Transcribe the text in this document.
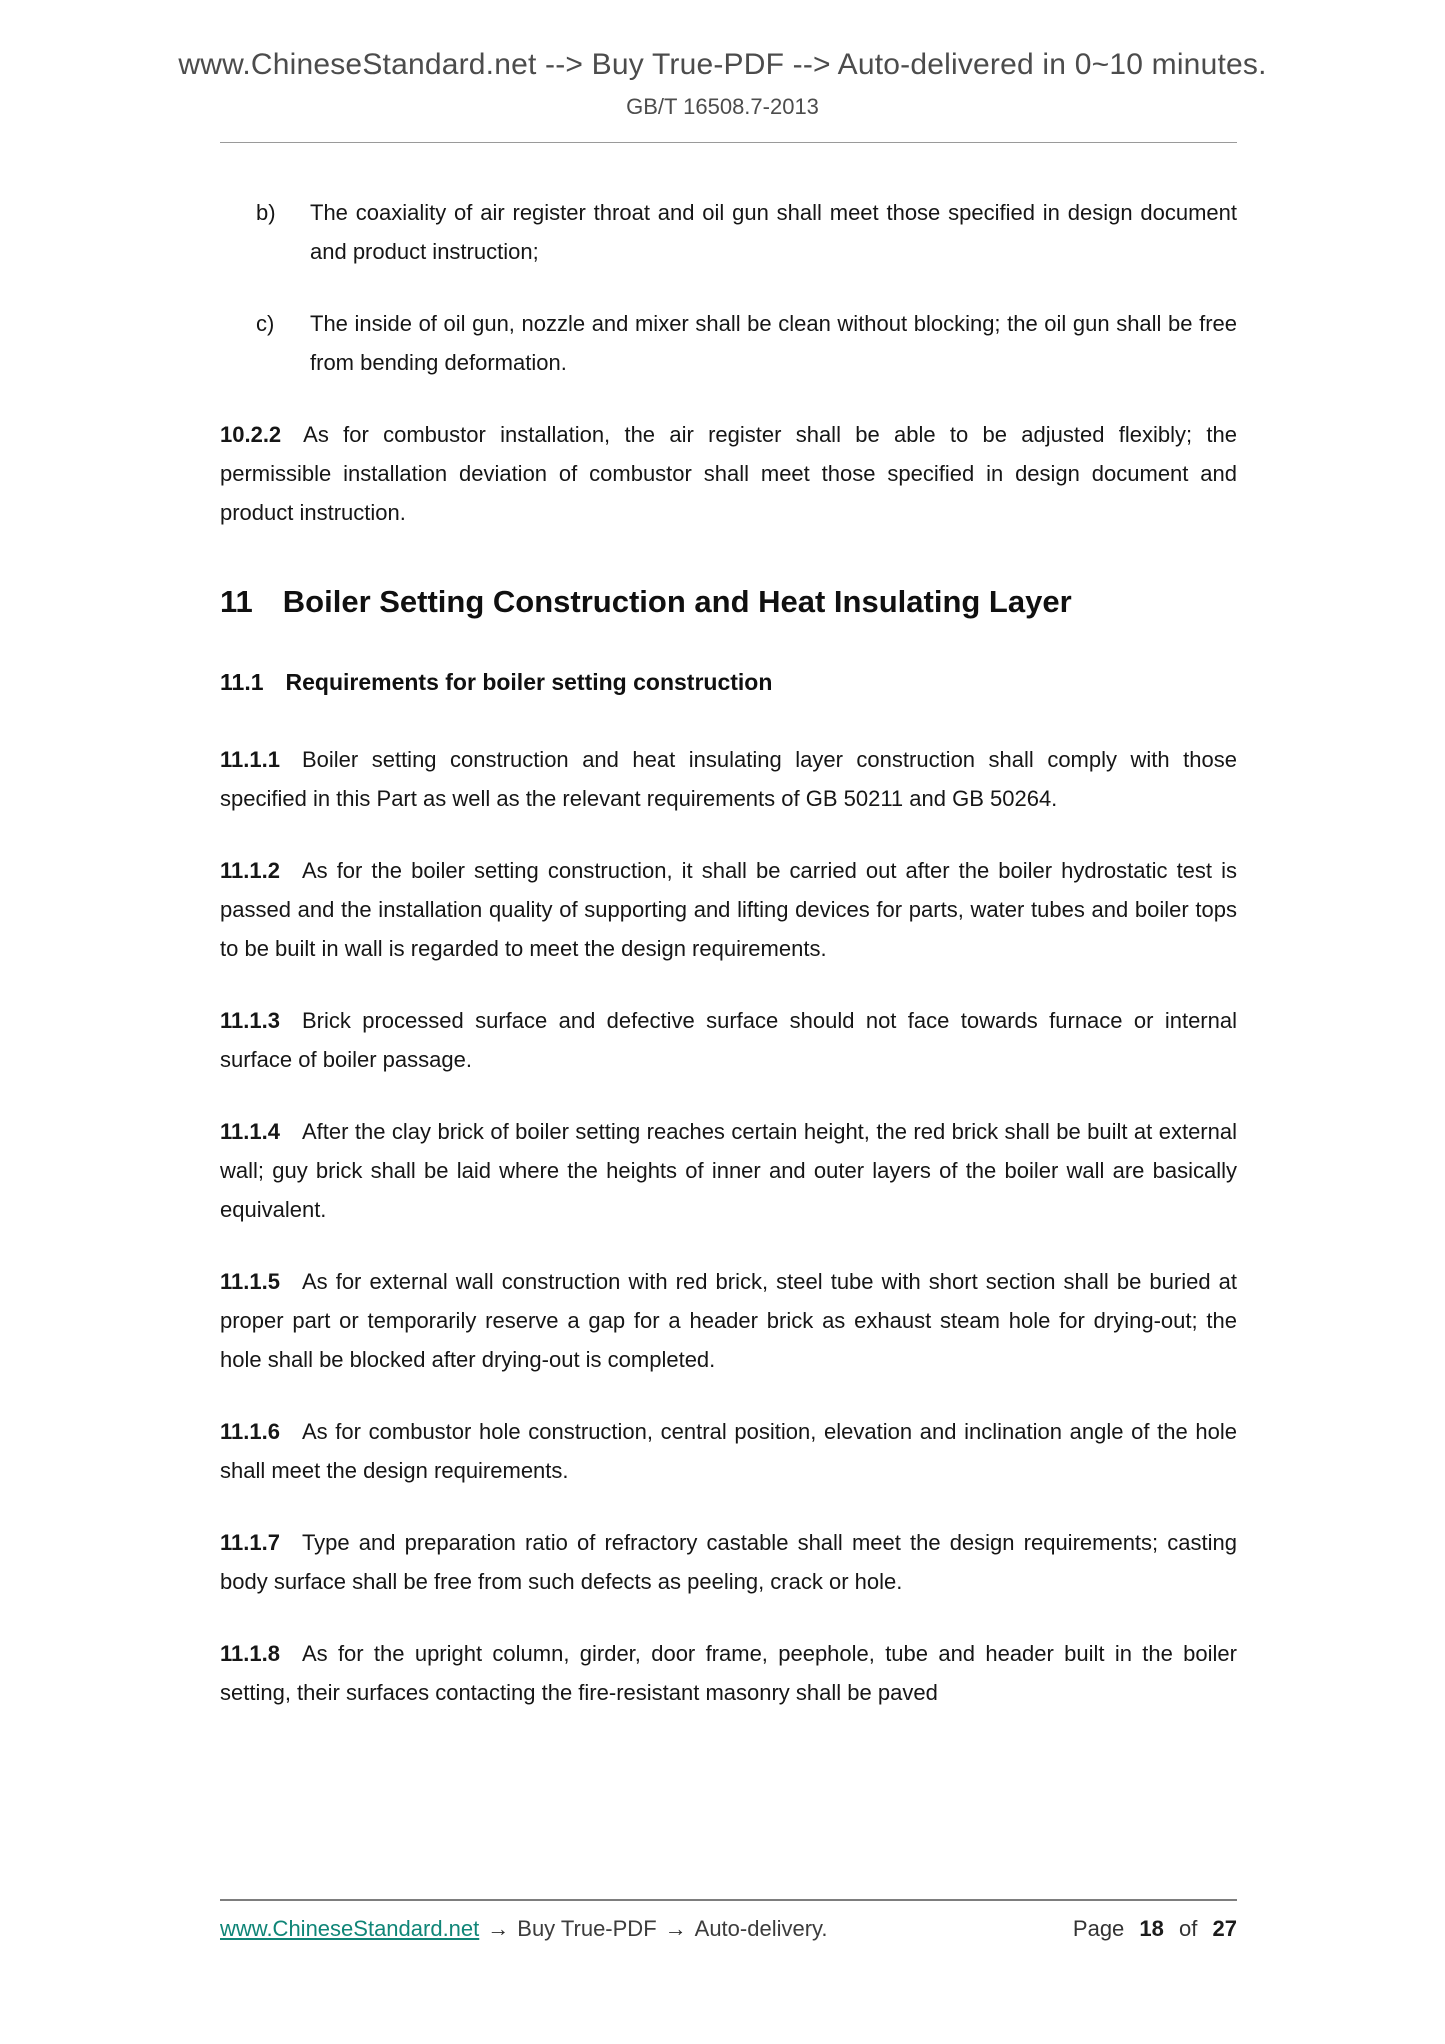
www.ChineseStandard.net --> Buy True-PDF --> Auto-delivered in 0~10 minutes.
GB/T 16508.7-2013
b)	The coaxiality of air register throat and oil gun shall meet those specified in design document and product instruction;
c)	The inside of oil gun, nozzle and mixer shall be clean without blocking; the oil gun shall be free from bending deformation.

10.2.2 As for combustor installation, the air register shall be able to be adjusted flexibly; the permissible installation deviation of combustor shall meet those specified in design document and product instruction.

11 Boiler Setting Construction and Heat Insulating Layer
11.1 Requirements for boiler setting construction

11.1.1 Boiler setting construction and heat insulating layer construction shall comply with those specified in this Part as well as the relevant requirements of GB 50211 and GB 50264.

11.1.2 As for the boiler setting construction, it shall be carried out after the boiler hydrostatic test is passed and the installation quality of supporting and lifting devices for parts, water tubes and boiler tops to be built in wall is regarded to meet the design requirements.

11.1.3 Brick processed surface and defective surface should not face towards furnace or internal surface of boiler passage.

11.1.4 After the clay brick of boiler setting reaches certain height, the red brick shall be built at external wall; guy brick shall be laid where the heights of inner and outer layers of the boiler wall are basically equivalent.

11.1.5 As for external wall construction with red brick, steel tube with short section shall be buried at proper part or temporarily reserve a gap for a header brick as exhaust steam hole for drying-out; the hole shall be blocked after drying-out is completed.

11.1.6 As for combustor hole construction, central position, elevation and inclination angle of the hole shall meet the design requirements.

11.1.7 Type and preparation ratio of refractory castable shall meet the design requirements; casting body surface shall be free from such defects as peeling, crack or hole.

11.1.8 As for the upright column, girder, door frame, peephole, tube and header built in the boiler setting, their surfaces contacting the fire-resistant masonry shall be paved

www.ChineseStandard.net → Buy True-PDF → Auto-delivery.	Page 18 of 27
